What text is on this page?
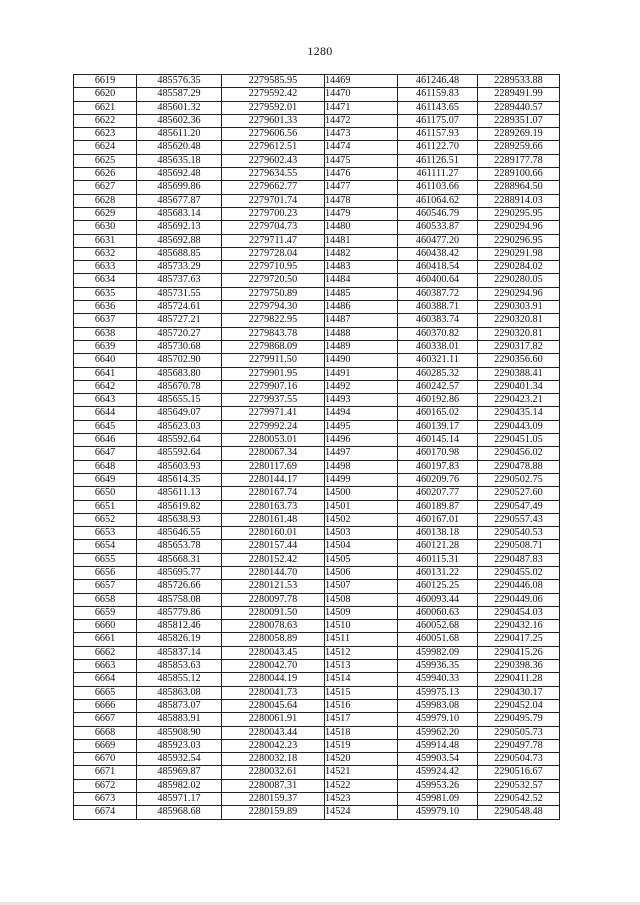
1280
6619	485576.35	2279585.95	14469	461246.48	2289533.88
6620	485587.29	2279592.42	14470	461159.83	2289491.99
6621	485601.32	2279592.01	14471	461143.65	2289440.57
6622	485602.36	2279601.33	14472	461175.07	2289351.07
6623	485611.20	2279606.56	14473	461157.93	2289269.19
6624	485620.48	2279612.51	14474	461122.70	2289259.66
6625	485635.18	2279602.43	14475	461126.51	2289177.78
6626	485692.48	2279634.55	14476	461111.27	2289100.66
6627	485699.86	2279662.77	14477	461103.66	2288964.50
6628	485677.87	2279701.74	14478	461064.62	2288914.03
6629	485683.14	2279700.23	14479	460546.79	2290295.95
6630	485692.13	2279704.73	14480	460533.87	2290294.96
6631	485692.88	2279711.47	14481	460477.20	2290296.95
6632	485688.85	2279728.04	14482	460438.42	2290291.98
6633	485733.29	2279710.95	14483	460418.54	2290284.02
6634	485737.63	2279720.50	14484	460400.64	2290280.05
6635	485731.55	2279750.89	14485	460387.72	2290294.96
6636	485724.61	2279794.30	14486	460388.71	2290303.91
6637	485727.21	2279822.95	14487	460383.74	2290320.81
6638	485720.27	2279843.78	14488	460370.82	2290320.81
6639	485730.68	2279868.09	14489	460338.01	2290317.82
6640	485702.90	2279911.50	14490	460321.11	2290356.60
6641	485683.80	2279901.95	14491	460285.32	2290388.41
6642	485670.78	2279907.16	14492	460242.57	2290401.34
6643	485655.15	2279937.55	14493	460192.86	2290423.21
6644	485649.07	2279971.41	14494	460165.02	2290435.14
6645	485623.03	2279992.24	14495	460139.17	2290443.09
6646	485592.64	2280053.01	14496	460145.14	2290451.05
6647	485592.64	2280067.34	14497	460170.98	2290456.02
6648	485603.93	2280117.69	14498	460197.83	2290478.88
6649	485614.35	2280144.17	14499	460209.76	2290502.75
6650	485611.13	2280167.74	14500	460207.77	2290527.60
6651	485619.82	2280163.73	14501	460189.87	2290547.49
6652	485638.93	2280161.48	14502	460167.01	2290557.43
6653	485646.55	2280160.01	14503	460138.18	2290540.53
6654	485653.78	2280157.44	14504	460121.28	2290508.71
6655	485668.31	2280152.42	14505	460115.31	2290487.83
6656	485695.77	2280144.70	14506	460131.22	2290455.02
6657	485726.66	2280121.53	14507	460125.25	2290446.08
6658	485758.08	2280097.78	14508	460093.44	2290449.06
6659	485779.86	2280091.50	14509	460060.63	2290454.03
6660	485812.46	2280078.63	14510	460052.68	2290432.16
6661	485826.19	2280058.89	14511	460051.68	2290417.25
6662	485837.14	2280043.45	14512	459982.09	2290415.26
6663	485853.63	2280042.70	14513	459936.35	2290398.36
6664	485855.12	2280044.19	14514	459940.33	2290411.28
6665	485863.08	2280041.73	14515	459975.13	2290430.17
6666	485873.07	2280045.64	14516	459983.08	2290452.04
6667	485883.91	2280061.91	14517	459979.10	2290495.79
6668	485908.90	2280043.44	14518	459962.20	2290505.73
6669	485923.03	2280042.23	14519	459914.48	2290497.78
6670	485932.54	2280032.18	14520	459903.54	2290504.73
6671	485969.87	2280032.61	14521	459924.42	2290516.67
6672	485982.02	2280087.31	14522	459953.26	2290532.57
6673	485971.17	2280159.37	14523	459981.09	2290542.52
6674	485968.68	2280159.89	14524	459979.10	2290548.48
